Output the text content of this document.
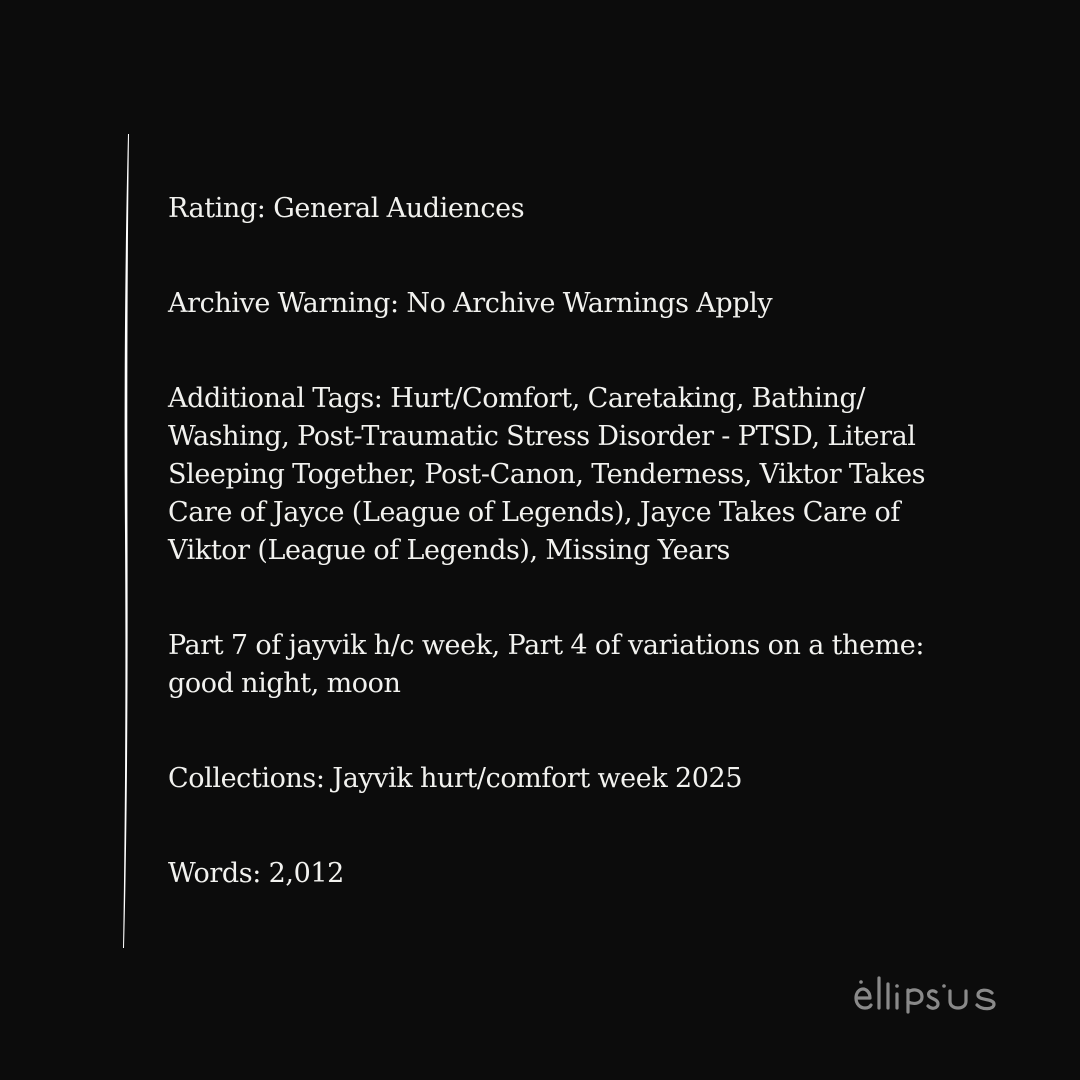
Rating: General Audiences

Archive Warning: No Archive Warnings Apply

Additional Tags: Hurt/Comfort, Caretaking, Bathing/ Washing, Post-Traumatic Stress Disorder - PTSD, Literal Sleeping Together, Post-Canon, Tenderness, Viktor Takes Care of Jayce (League of Legends), Jayce Takes Care of Viktor (League of Legends), Missing Years

Part 7 of jayvik h/c week, Part 4 of variations on a theme: good night, moon

Collections: Jayvik hurt/comfort week 2025

Words: 2,012
